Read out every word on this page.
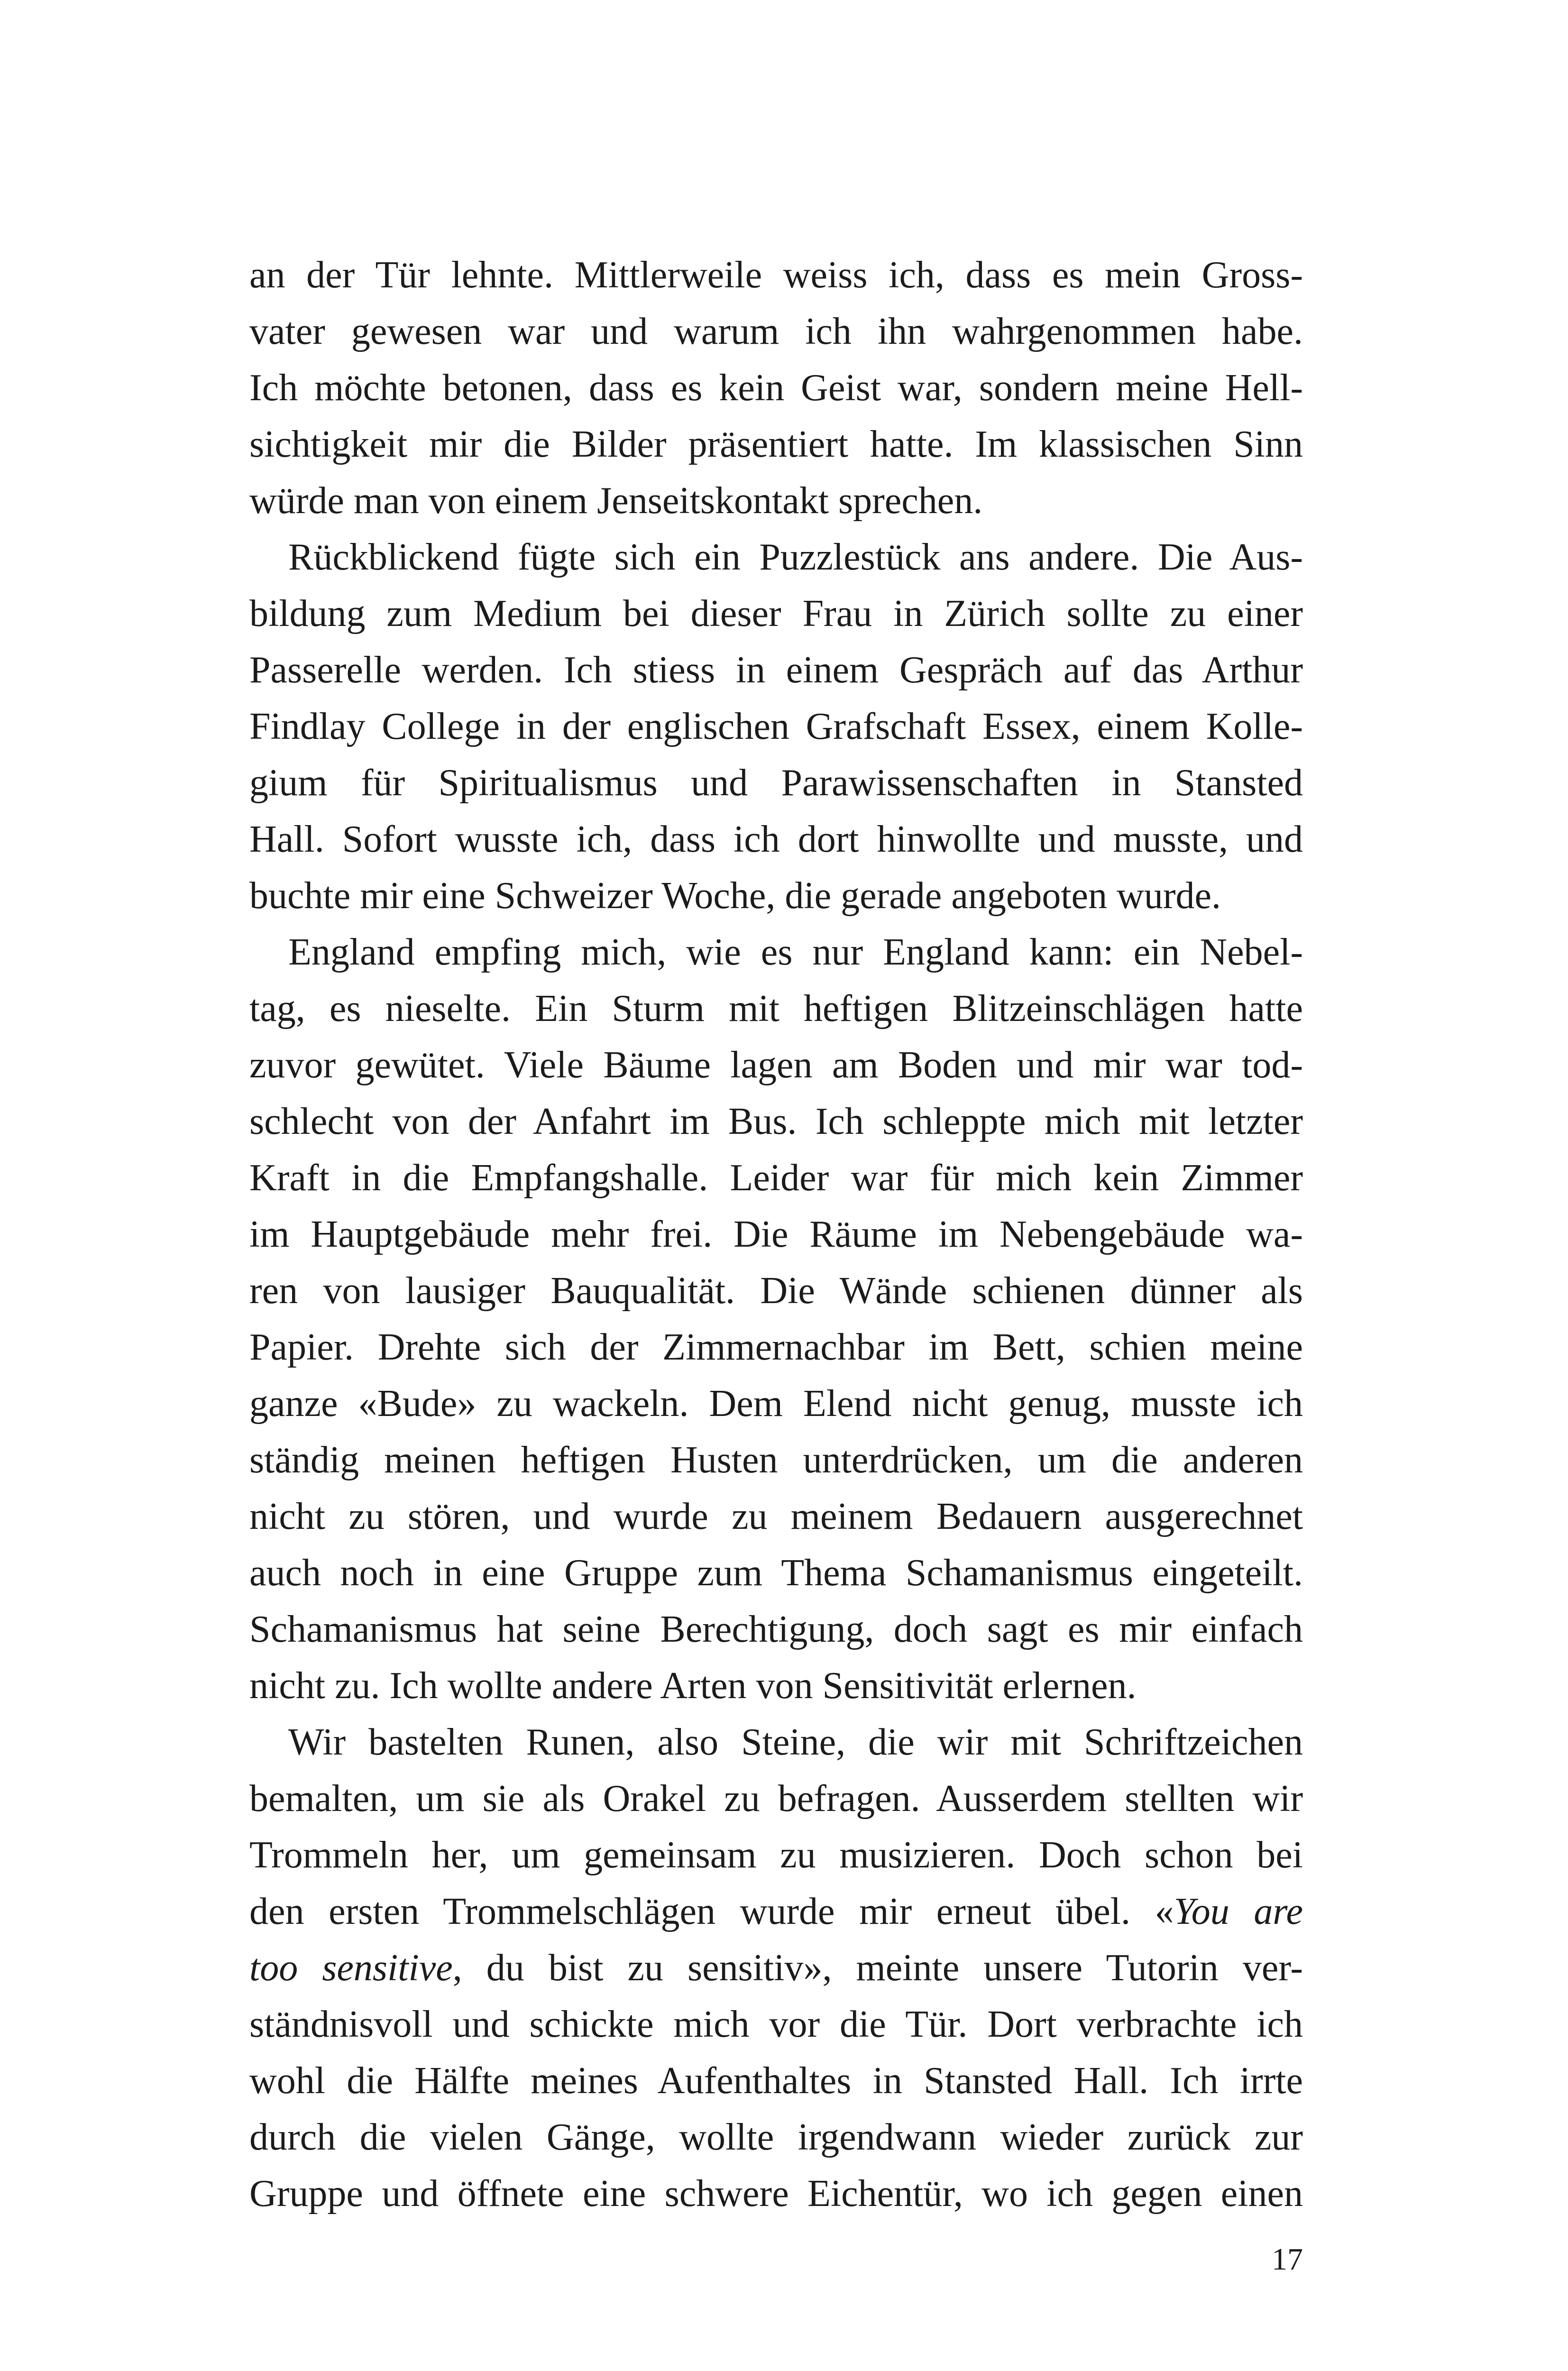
an der Tür lehnte. Mittlerweile weiss ich, dass es mein Gross-
vater gewesen war und warum ich ihn wahrgenommen habe.
Ich möchte betonen, dass es kein Geist war, sondern meine Hell-
sichtigkeit mir die Bilder präsentiert hatte. Im klassischen Sinn
würde man von einem Jenseitskontakt sprechen.
Rückblickend fügte sich ein Puzzlestück ans andere. Die Aus-
bildung zum Medium bei dieser Frau in Zürich sollte zu einer
Passerelle werden. Ich stiess in einem Gespräch auf das Arthur
Findlay College in der englischen Grafschaft Essex, einem Kolle-
gium für Spiritualismus und Parawissenschaften in Stansted
Hall. Sofort wusste ich, dass ich dort hinwollte und musste, und
buchte mir eine Schweizer Woche, die gerade angeboten wurde.
England empfing mich, wie es nur England kann: ein Nebel-
tag, es nieselte. Ein Sturm mit heftigen Blitzeinschlägen hatte
zuvor gewütet. Viele Bäume lagen am Boden und mir war tod-
schlecht von der Anfahrt im Bus. Ich schleppte mich mit letzter
Kraft in die Empfangshalle. Leider war für mich kein Zimmer
im Hauptgebäude mehr frei. Die Räume im Nebengebäude wa-
ren von lausiger Bauqualität. Die Wände schienen dünner als
Papier. Drehte sich der Zimmernachbar im Bett, schien meine
ganze «Bude» zu wackeln. Dem Elend nicht genug, musste ich
ständig meinen heftigen Husten unterdrücken, um die anderen
nicht zu stören, und wurde zu meinem Bedauern ausgerechnet
auch noch in eine Gruppe zum Thema Schamanismus eingeteilt.
Schamanismus hat seine Berechtigung, doch sagt es mir einfach
nicht zu. Ich wollte andere Arten von Sensitivität erlernen.
Wir bastelten Runen, also Steine, die wir mit Schriftzeichen
bemalten, um sie als Orakel zu befragen. Ausserdem stellten wir
Trommeln her, um gemeinsam zu musizieren. Doch schon bei
den ersten Trommelschlägen wurde mir erneut übel. «You are
too sensitive, du bist zu sensitiv», meinte unsere Tutorin ver-
ständnisvoll und schickte mich vor die Tür. Dort verbrachte ich
wohl die Hälfte meines Aufenthaltes in Stansted Hall. Ich irrte
durch die vielen Gänge, wollte irgendwann wieder zurück zur
Gruppe und öffnete eine schwere Eichentür, wo ich gegen einen
17
